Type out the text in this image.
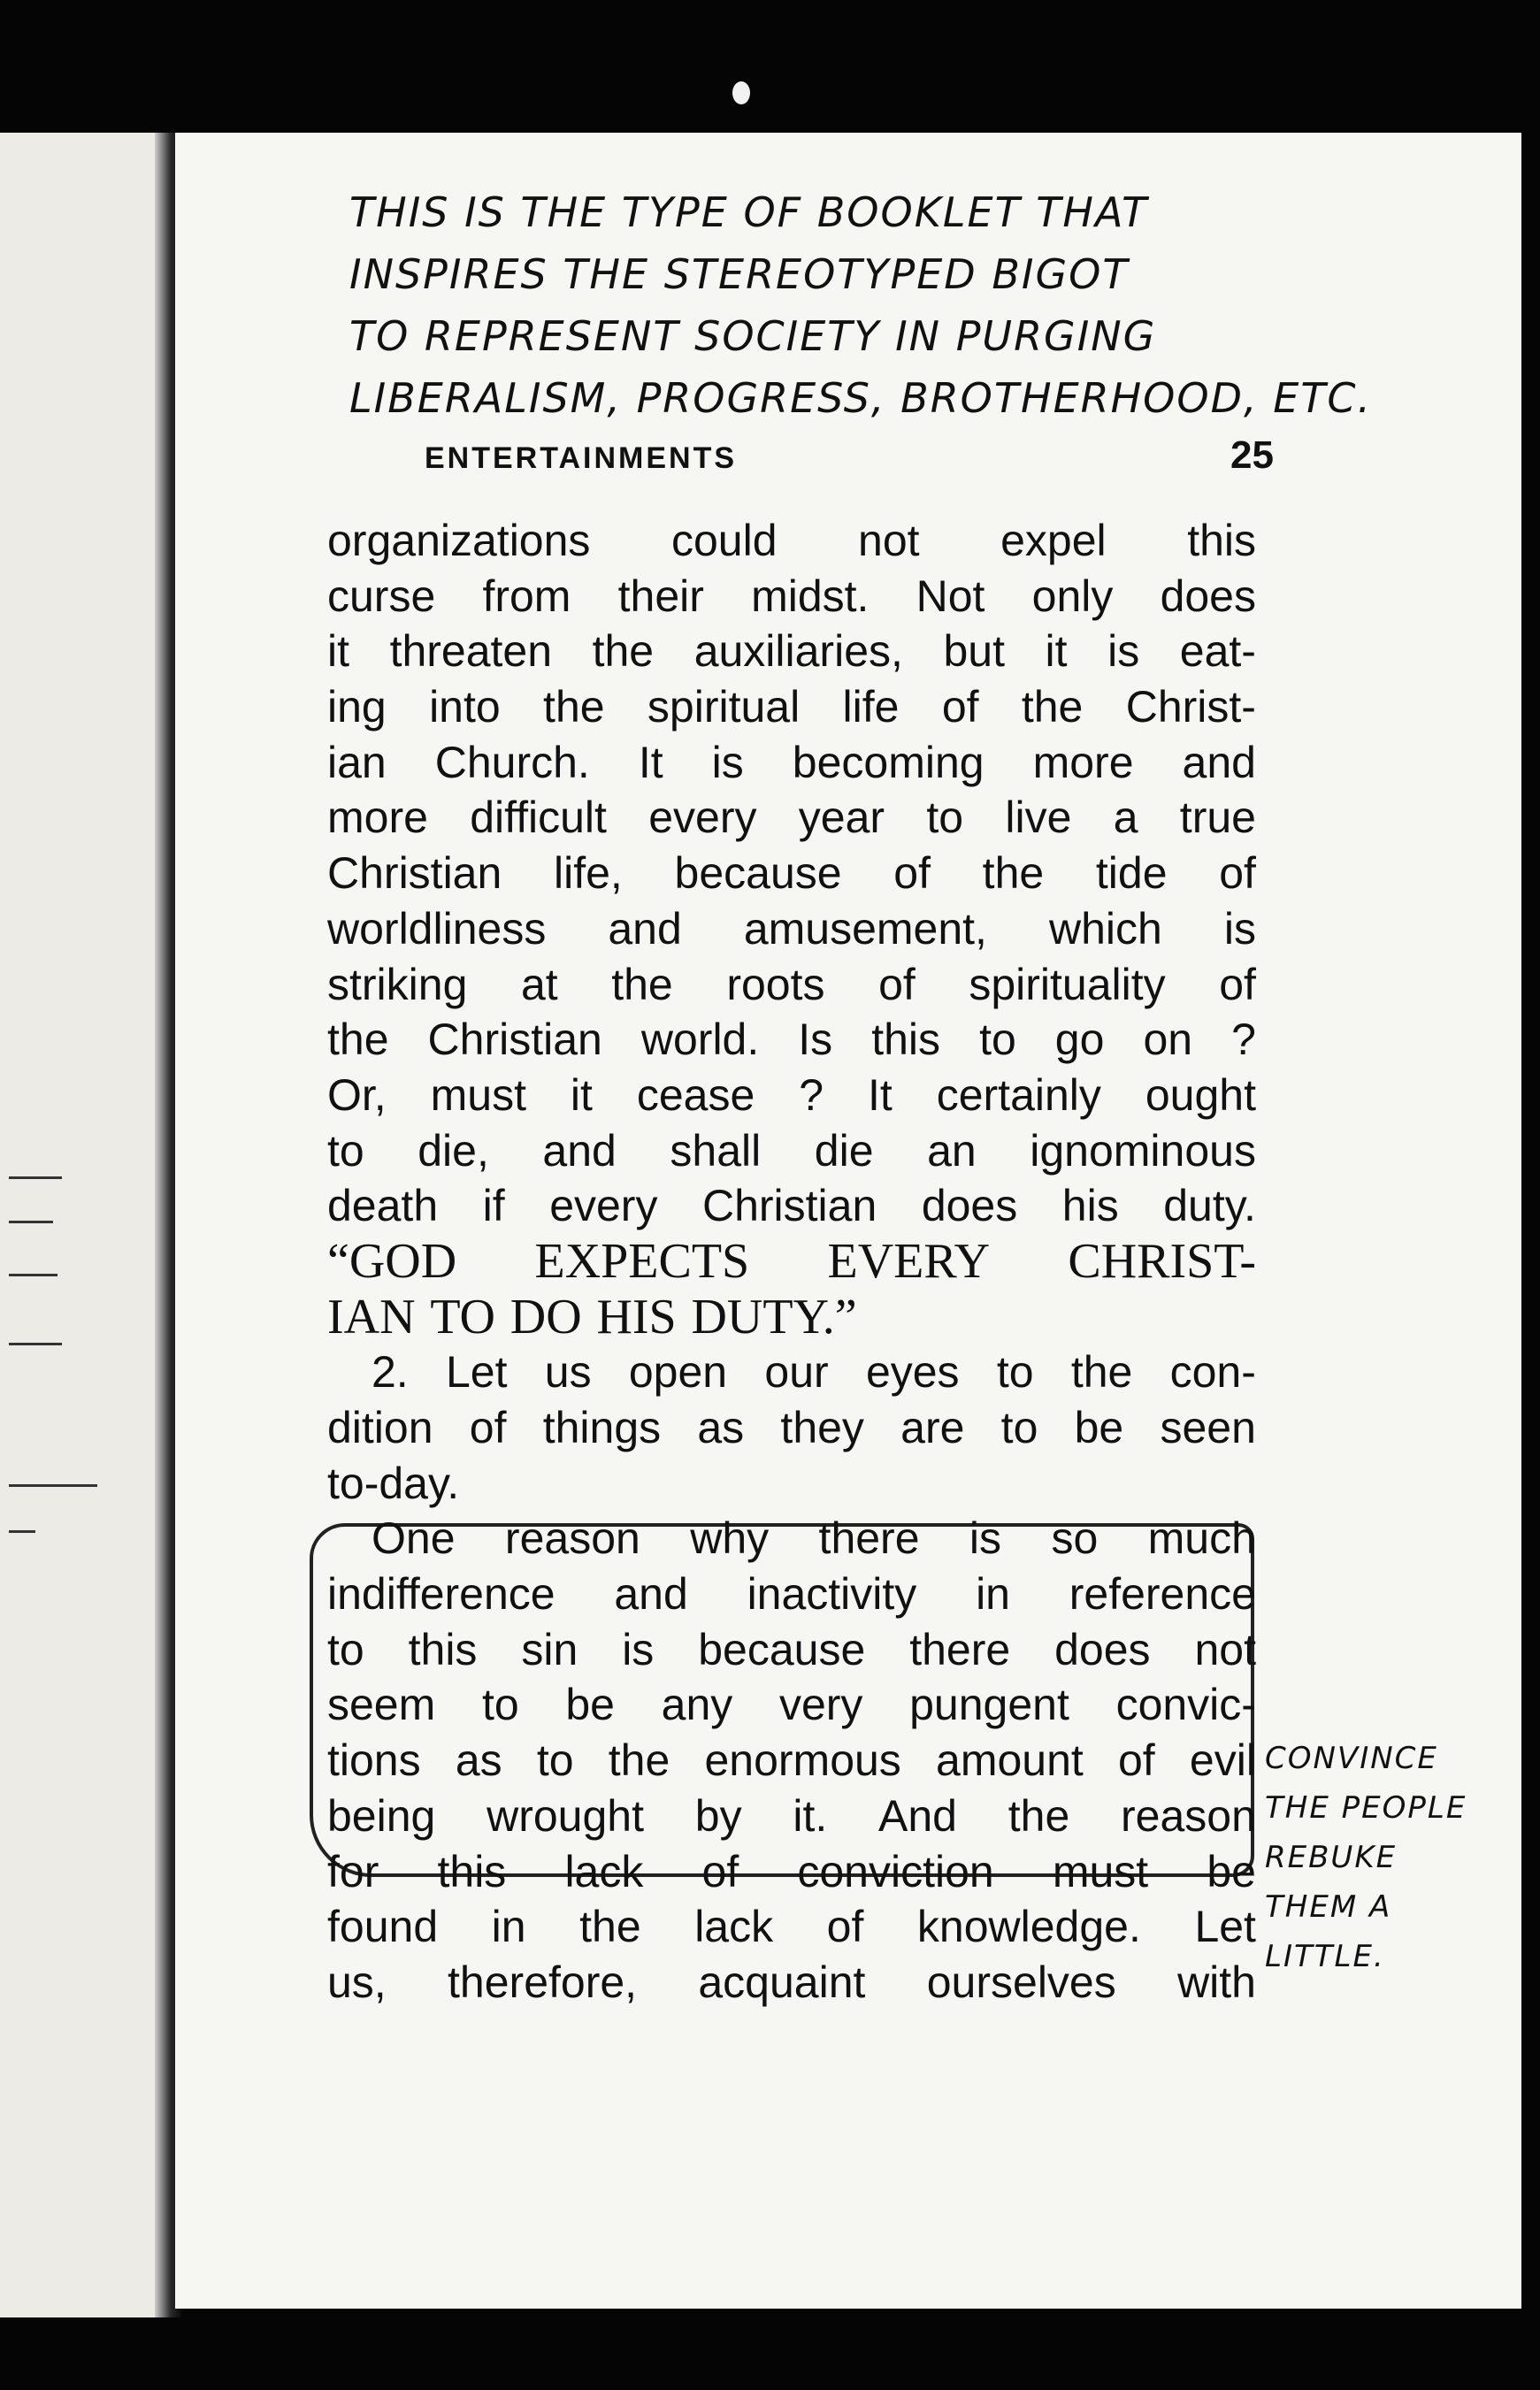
THIS IS THE TYPE OF BOOKLET THAT
INSPIRES THE STEREOTYPED BIGOT
TO REPRESENT SOCIETY IN PURGING
LIBERALISM, PROGRESS, BROTHERHOOD, ETC.
ENTERTAINMENTS	25
organizations could not expel this
curse from their midst. Not only does
it threaten the auxiliaries, but it is eat-
ing into the spiritual life of the Christ-
ian Church. It is becoming more and
more difficult every year to live a true
Christian life, because of the tide of
worldliness and amusement, which is
striking at the roots of spirituality of
the Christian world. Is this to go on ?
Or, must it cease ? It certainly ought
to die, and shall die an ignominous
death if every Christian does his duty.
“GOD EXPECTS EVERY CHRIST-
IAN TO DO HIS DUTY.”
2. Let us open our eyes to the con-
dition of things as they are to be seen
to-day.
One reason why there is so much
indifference and inactivity in reference
to this sin is because there does not
seem to be any very pungent convic-
tions as to the enormous amount of evil
being wrought by it. And the reason
for this lack of conviction must be
found in the lack of knowledge. Let
us, therefore, acquaint ourselves with
CONVINCE
THE PEOPLE
REBUKE
THEM A
LITTLE.
